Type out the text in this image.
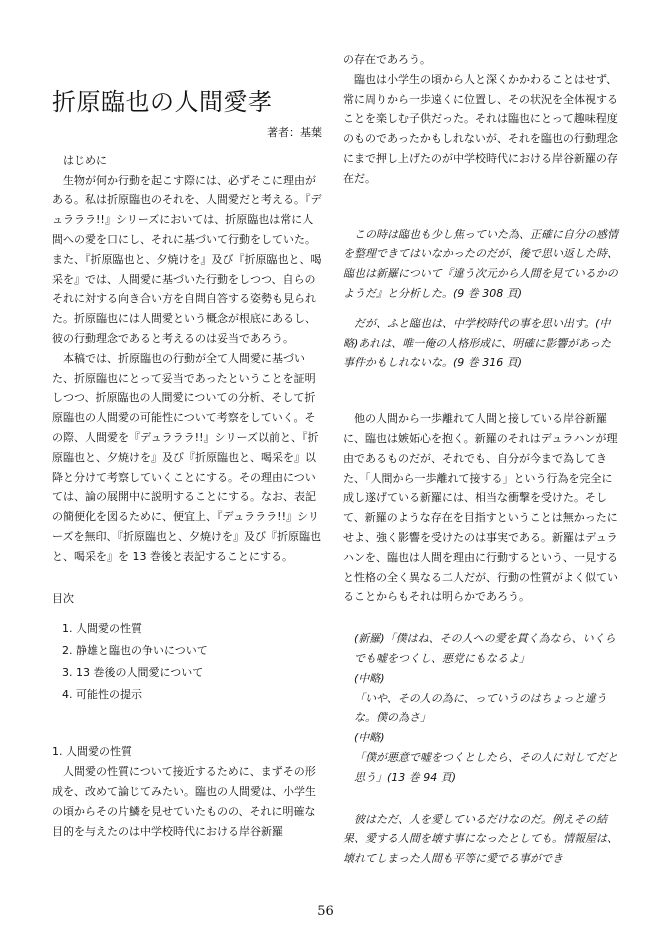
折原臨也の人間愛孝

著者：基葉

はじめに

生物が何か行動を起こす際には、必ずそこに理由がある。私は折原臨也のそれを、人間愛だと考える。『デュラララ!!』シリーズにおいては、折原臨也は常に人間への愛を口にし、それに基づいて行動をしていた。また、『折原臨也と、夕焼けを』及び『折原臨也と、喝采を』では、人間愛に基づいた行動をしつつ、自らのそれに対する向き合い方を自問自答する姿勢も見られた。折原臨也には人間愛という概念が根底にあるし、彼の行動理念であると考えるのは妥当であろう。

本稿では、折原臨也の行動が全て人間愛に基づいた、折原臨也にとって妥当であったということを証明しつつ、折原臨也の人間愛についての分析、そして折原臨也の人間愛の可能性について考察をしていく。その際、人間愛を『デュラララ!!』シリーズ以前と、『折原臨也と、夕焼けを』及び『折原臨也と、喝采を』以降と分けて考察していくことにする。その理由については、論の展開中に説明することにする。なお、表記の簡便化を図るために、便宜上、『デュラララ!!』シリーズを無印、『折原臨也と、夕焼けを』及び『折原臨也と、喝采を』を 13 巻後と表記することにする。

目次
1. 人間愛の性質
2. 静雄と臨也の争いについて
3. 13 巻後の人間愛について
4. 可能性の提示
1. 人間愛の性質

人間愛の性質について接近するために、まずその形成を、改めて論じてみたい。臨也の人間愛は、小学生の頃からその片鱗を見せていたものの、それに明確な目的を与えたのは中学校時代における岸谷新羅

の存在であろう。

臨也は小学生の頃から人と深くかかわることはせず、常に周りから一歩遠くに位置し、その状況を全体視することを楽しむ子供だった。それは臨也にとって趣味程度のものであったかもしれないが、それを臨也の行動理念にまで押し上げたのが中学校時代における岸谷新羅の存在だ。

この時は臨也も少し焦っていた為、正確に自分の感情を整理できてはいなかったのだが、後で思い返した時、臨也は新羅について『違う次元から人間を見ているかのようだ』と分析した。(9 巻 308 頁)

だが、ふと臨也は、中学校時代の事を思い出す。(中略)あれは、唯一俺の人格形成に、明確に影響があった事件かもしれないな。(9 巻 316 頁)

他の人間から一歩離れて人間と接している岸谷新羅に、臨也は嫉妬心を抱く。新羅のそれはデュラハンが理由であるものだが、それでも、自分が今まで為してきた、「人間から一歩離れて接する」という行為を完全に成し遂げている新羅には、相当な衝撃を受けた。そして、新羅のような存在を目指すということは無かったにせよ、強く影響を受けたのは事実である。新羅はデュラハンを、臨也は人間を理由に行動するという、一見すると性格の全く異なる二人だが、行動の性質がよく似ていることからもそれは明らかであろう。

(新羅)「僕はね、その人への愛を貫く為なら、いくらでも嘘をつくし、悪党にもなるよ」

(中略)

「いや、その人の為に、っていうのはちょっと違うな。僕の為さ」

(中略)

「僕が悪意で嘘をつくとしたら、その人に対してだと思う」(13 巻 94 頁)

彼はただ、人を愛しているだけなのだ。例えその結果、愛する人間を壊す事になったとしても。情報屋は、壊れてしまった人間も平等に愛でる事ができ

56
